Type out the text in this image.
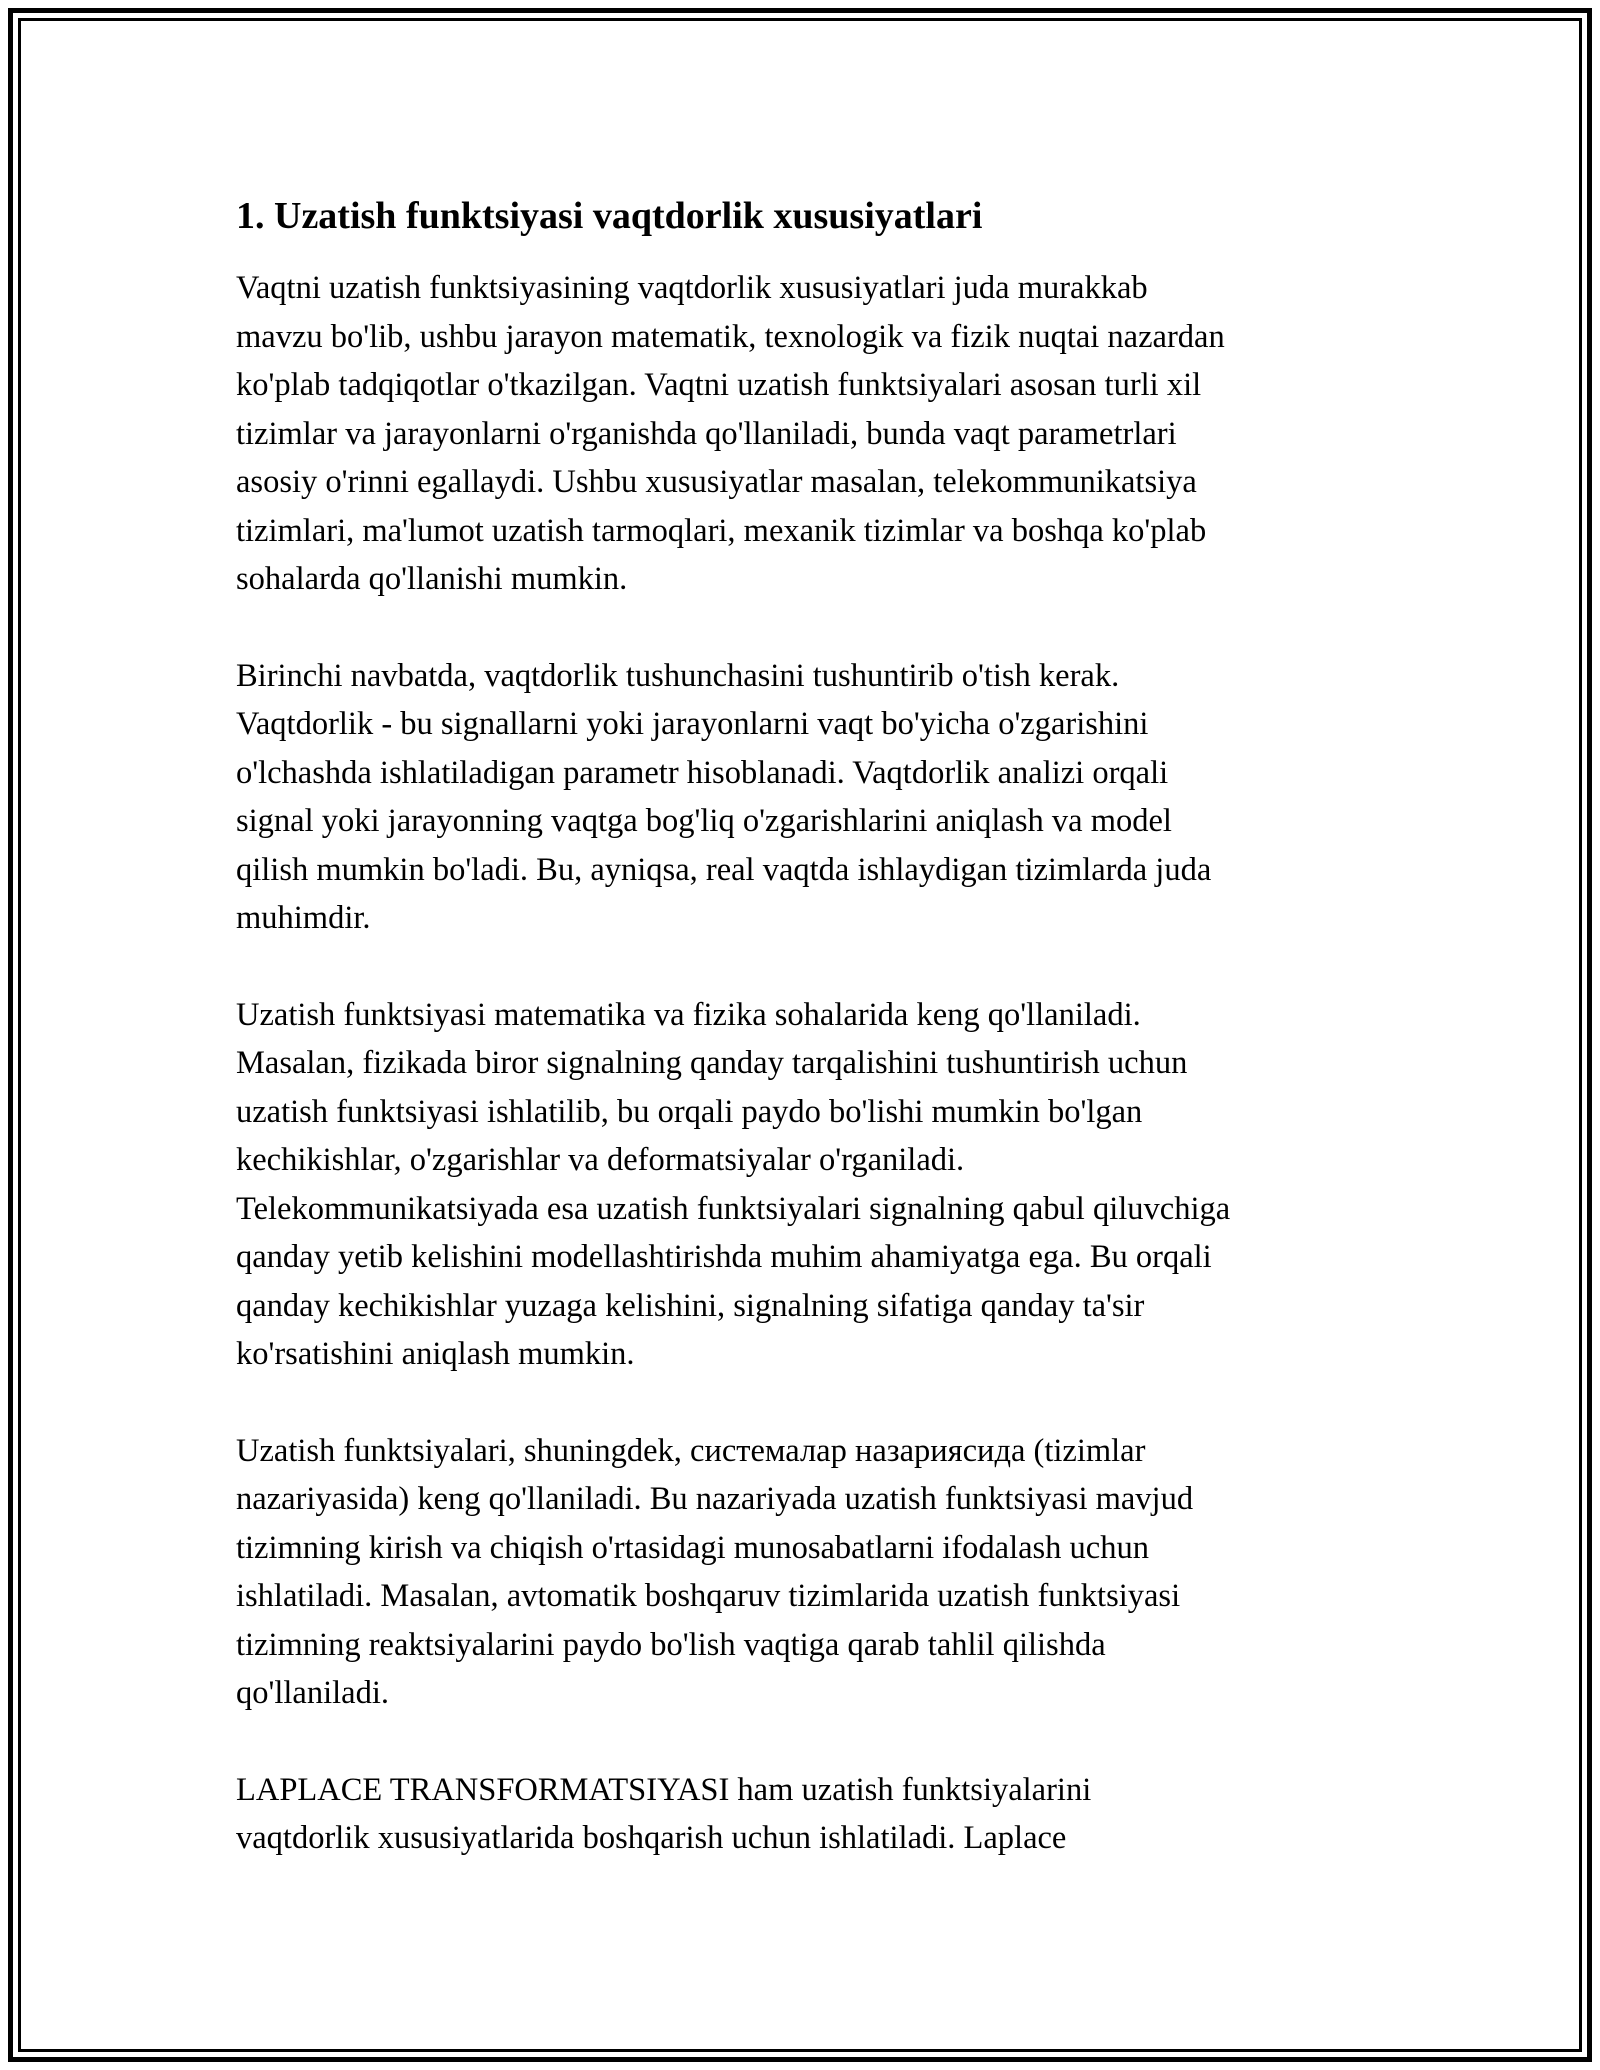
1. Uzatish funktsiyasi vaqtdorlik xususiyatlari

Vaqtni uzatish funktsiyasining vaqtdorlik xususiyatlari juda murakkab
mavzu bo'lib, ushbu jarayon matematik, texnologik va fizik nuqtai nazardan
ko'plab tadqiqotlar o'tkazilgan. Vaqtni uzatish funktsiyalari asosan turli xil
tizimlar va jarayonlarni o'rganishda qo'llaniladi, bunda vaqt parametrlari
asosiy o'rinni egallaydi. Ushbu xususiyatlar masalan, telekommunikatsiya
tizimlari, ma'lumot uzatish tarmoqlari, mexanik tizimlar va boshqa ko'plab
sohalarda qo'llanishi mumkin.

Birinchi navbatda, vaqtdorlik tushunchasini tushuntirib o'tish kerak.
Vaqtdorlik - bu signallarni yoki jarayonlarni vaqt bo'yicha o'zgarishini
o'lchashda ishlatiladigan parametr hisoblanadi. Vaqtdorlik analizi orqali
signal yoki jarayonning vaqtga bog'liq o'zgarishlarini aniqlash va model
qilish mumkin bo'ladi. Bu, ayniqsa, real vaqtda ishlaydigan tizimlarda juda
muhimdir.

Uzatish funktsiyasi matematika va fizika sohalarida keng qo'llaniladi.
Masalan, fizikada biror signalning qanday tarqalishini tushuntirish uchun
uzatish funktsiyasi ishlatilib, bu orqali paydo bo'lishi mumkin bo'lgan
kechikishlar, o'zgarishlar va deformatsiyalar o'rganiladi.
Telekommunikatsiyada esa uzatish funktsiyalari signalning qabul qiluvchiga
qanday yetib kelishini modellashtirishda muhim ahamiyatga ega. Bu orqali
qanday kechikishlar yuzaga kelishini, signalning sifatiga qanday ta'sir
ko'rsatishini aniqlash mumkin.

Uzatish funktsiyalari, shuningdek, системалар назариясида (tizimlar
nazariyasida) keng qo'llaniladi. Bu nazariyada uzatish funktsiyasi mavjud
tizimning kirish va chiqish o'rtasidagi munosabatlarni ifodalash uchun
ishlatiladi. Masalan, avtomatik boshqaruv tizimlarida uzatish funktsiyasi
tizimning reaktsiyalarini paydo bo'lish vaqtiga qarab tahlil qilishda
qo'llaniladi.

LAPLACE TRANSFORMATSIYASI ham uzatish funktsiyalarini
vaqtdorlik xususiyatlarida boshqarish uchun ishlatiladi. Laplace
